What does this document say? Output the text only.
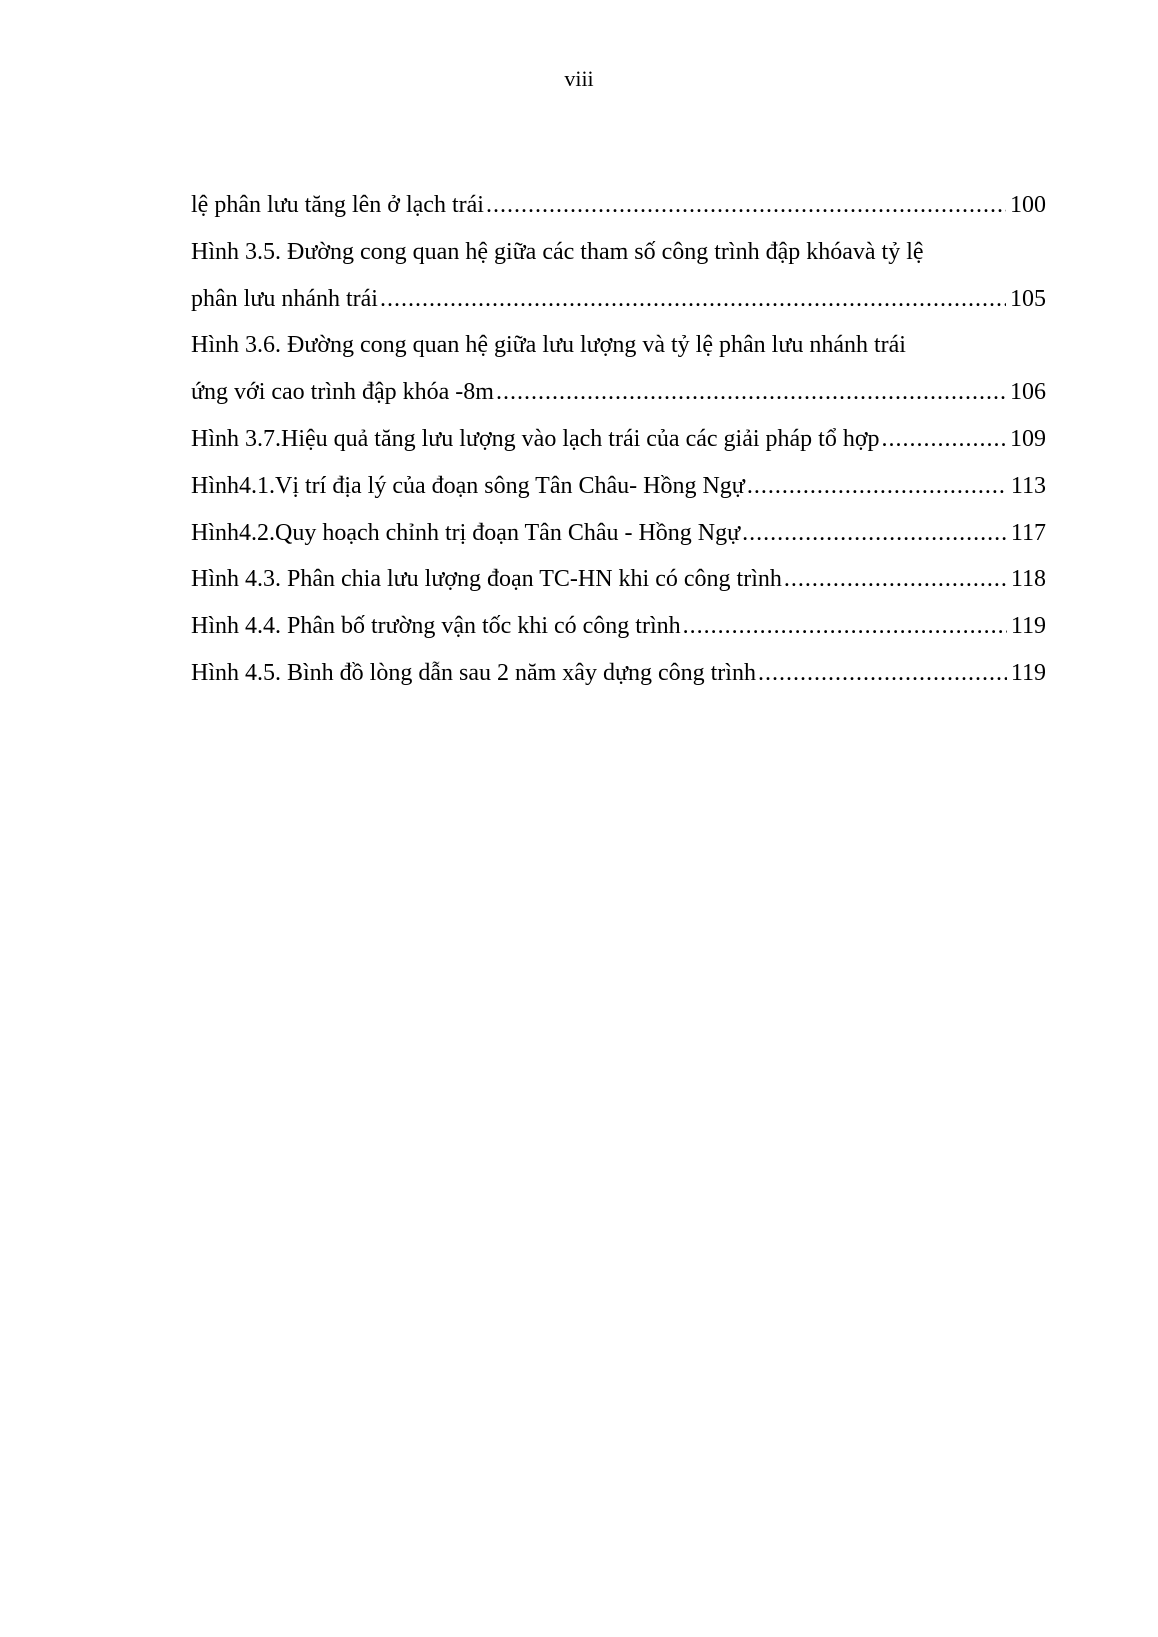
viii
lệ phân lưu tăng lên ở lạch trái .....	100
Hình 3.5. Đường cong quan hệ giữa các tham số công trình đập khóavà tỷ lệ
phân lưu nhánh trái .....	105
Hình 3.6. Đường cong quan hệ giữa lưu lượng và tỷ lệ phân lưu nhánh trái
ứng với cao trình đập khóa -8m .....	106
Hình 3.7.Hiệu quả tăng lưu lượng vào lạch trái của các giải pháp tổ hợp .....	109
Hình4.1.Vị trí địa lý của đoạn sông Tân Châu- Hồng Ngự .....	113
Hình4.2.Quy hoạch chỉnh trị đoạn Tân Châu - Hồng Ngự .....	117
Hình 4.3. Phân chia lưu lượng đoạn TC-HN khi có công trình .....	118
Hình 4.4. Phân bố trường vận tốc khi có công trình .....	119
Hình 4.5. Bình đồ lòng dẫn sau 2 năm xây dựng công trình .....	119
